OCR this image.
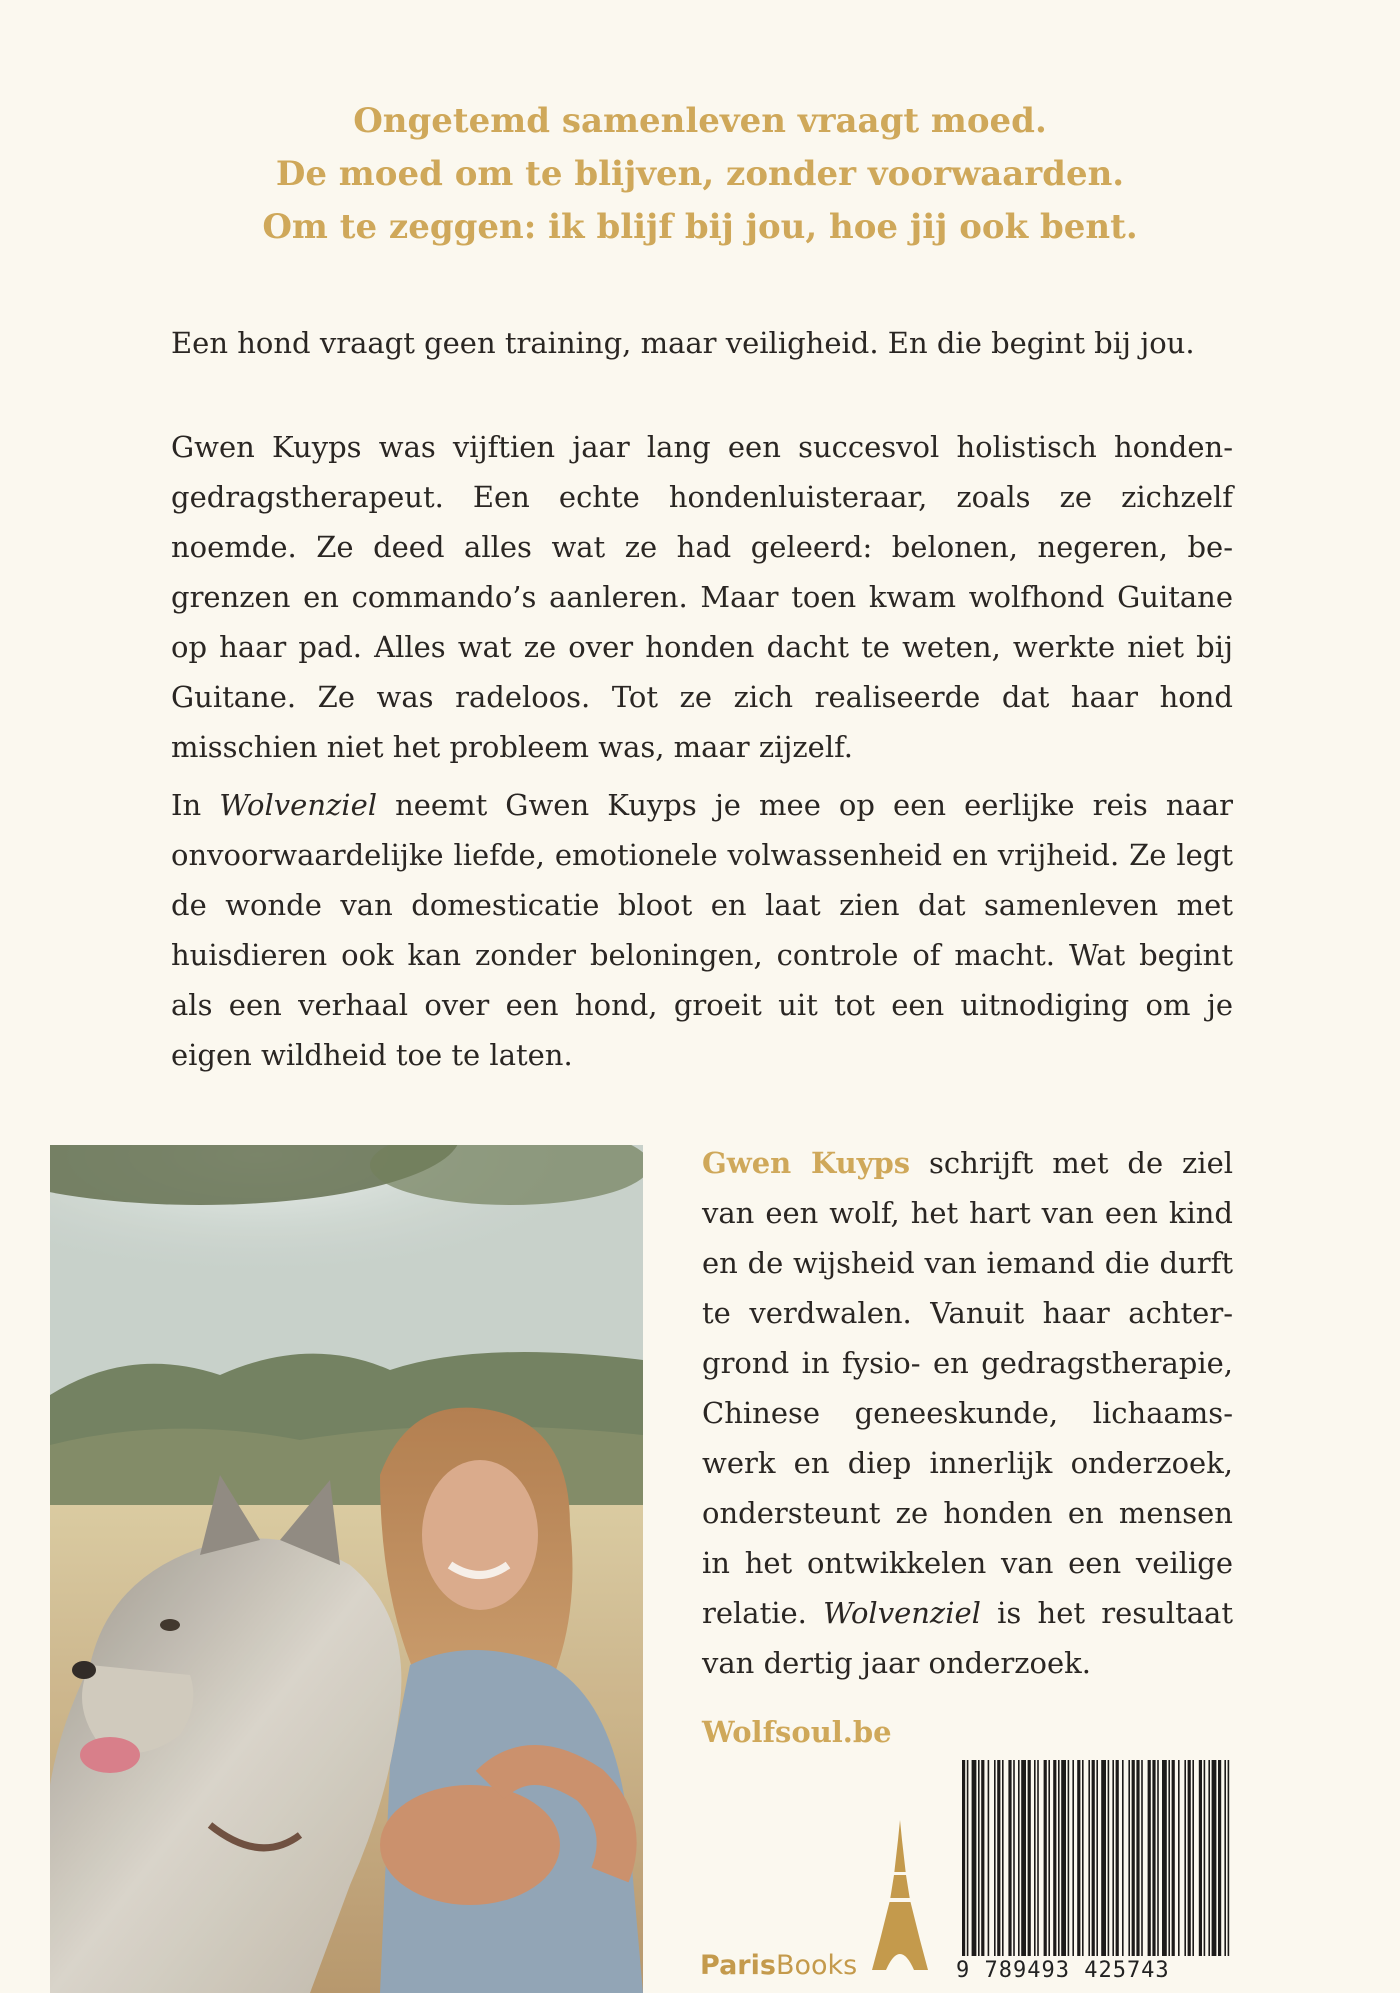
Ongetemd samenleven vraagt moed.
De moed om te blijven, zonder voorwaarden.
Om te zeggen: ik blijf bij jou, hoe jij ook bent.
Een hond vraagt geen training, maar veiligheid. En die begint bij jou.
Gwen Kuyps was vijftien jaar lang een succesvol holistisch hondengedragstherapeut. Een echte hondenluisteraar, zoals ze zichzelf noemde. Ze deed alles wat ze had geleerd: belonen, negeren, begrenzen en commando’s aanleren. Maar toen kwam wolfhond Guitane op haar pad. Alles wat ze over honden dacht te weten, werkte niet bij Guitane. Ze was radeloos. Tot ze zich realiseerde dat haar hond misschien niet het probleem was, maar zijzelf.
In Wolvenziel neemt Gwen Kuyps je mee op een eerlijke reis naar onvoorwaardelijke liefde, emotionele volwassenheid en vrijheid. Ze legt de wonde van domesticatie bloot en laat zien dat samenleven met huisdieren ook kan zonder beloningen, controle of macht. Wat begint als een verhaal over een hond, groeit uit tot een uitnodiging om je eigen wildheid toe te laten.
Gwen Kuyps schrijft met de ziel van een wolf, het hart van een kind en de wijsheid van iemand die durft te verdwalen. Vanuit haar achtergrond in fysio- en gedragstherapie, Chinese geneeskunde, lichaamswerk en diep innerlijk onderzoek, ondersteunt ze honden en mensen in het ontwikkelen van een veilige relatie. Wolvenziel is het resultaat van dertig jaar onderzoek.
Wolfsoul.be
ParisBooks	9 789493 425743
